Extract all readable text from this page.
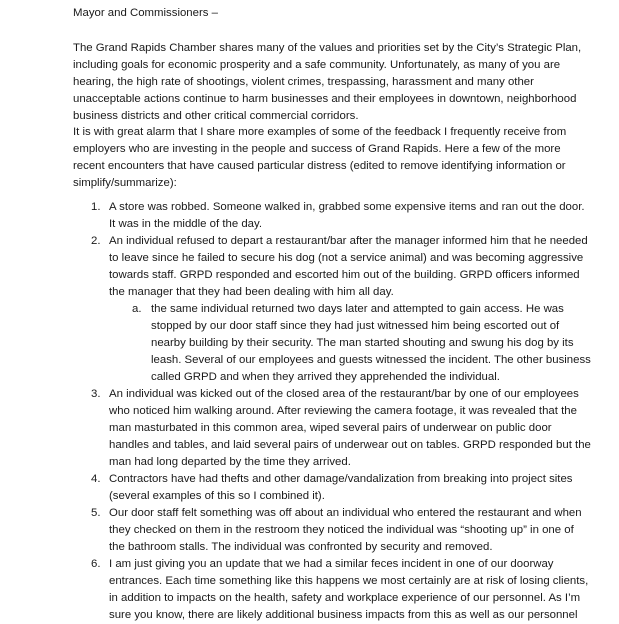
Mayor and Commissioners –

The Grand Rapids Chamber shares many of the values and priorities set by the City’s Strategic Plan, including goals for economic prosperity and a safe community. Unfortunately, as many of you are hearing, the high rate of shootings, violent crimes, trespassing, harassment and many other unacceptable actions continue to harm businesses and their employees in downtown, neighborhood business districts and other critical commercial corridors.

It is with great alarm that I share more examples of some of the feedback I frequently receive from employers who are investing in the people and success of Grand Rapids. Here a few of the more recent encounters that have caused particular distress (edited to remove identifying information or simplify/summarize):

1. A store was robbed. Someone walked in, grabbed some expensive items and ran out the door. It was in the middle of the day.
2. An individual refused to depart a restaurant/bar after the manager informed him that he needed to leave since he failed to secure his dog (not a service animal) and was becoming aggressive towards staff. GRPD responded and escorted him out of the building. GRPD officers informed the manager that they had been dealing with him all day.
a. the same individual returned two days later and attempted to gain access. He was stopped by our door staff since they had just witnessed him being escorted out of nearby building by their security. The man started shouting and swung his dog by its leash. Several of our employees and guests witnessed the incident. The other business called GRPD and when they arrived they apprehended the individual.
3. An individual was kicked out of the closed area of the restaurant/bar by one of our employees who noticed him walking around. After reviewing the camera footage, it was revealed that the man masturbated in this common area, wiped several pairs of underwear on public door handles and tables, and laid several pairs of underwear out on tables. GRPD responded but the man had long departed by the time they arrived.
4. Contractors have had thefts and other damage/vandalization from breaking into project sites (several examples of this so I combined it).
5. Our door staff felt something was off about an individual who entered the restaurant and when they checked on them in the restroom they noticed the individual was “shooting up” in one of the bathroom stalls. The individual was confronted by security and removed.
6. I am just giving you an update that we had a similar feces incident in one of our doorway entrances. Each time something like this happens we most certainly are at risk of losing clients, in addition to impacts on the health, safety and workplace experience of our personnel. As I’m sure you know, there are likely additional business impacts from this as well as our personnel
